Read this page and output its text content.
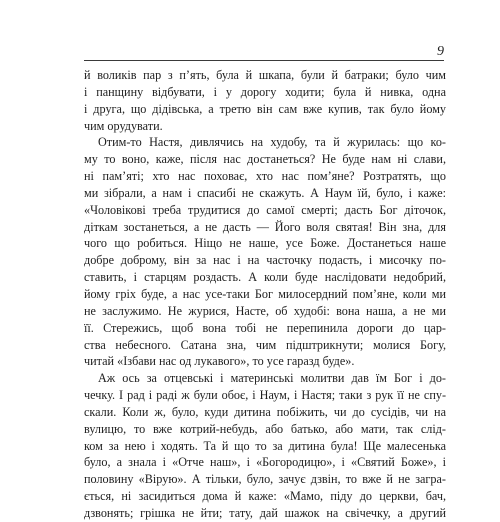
9
й воликів пар з п’ять, була й шкапа, були й батраки; було чим
і панщину відбувати, і у дорогу ходити; була й нивка, одна
і друга, що дідівська, а третю він сам вже купив, так було йому
чим орудувати.
Отим-то Настя, дивлячись на худобу, та й журилась: що ко-
му то воно, каже, після нас достанеться? Не буде нам ні слави,
ні пам’яті; хто нас поховає, хто нас пом’яне? Розтратять, що
ми зібрали, а нам і спасибі не скажуть. А Наум їй, було, і каже:
«Чоловікові треба трудитися до самої смерті; дасть Бог діточок,
діткам зостанеться, а не дасть — Його воля святая! Він зна, для
чого що робиться. Ніщо не наше, усе Боже. Достанеться наше
добре доброму, він за нас і на часточку подасть, і мисочку по-
ставить, і старцям роздасть. А коли буде наслідовати недобрий,
йому гріх буде, а нас усе-таки Бог милосердний пом’яне, коли ми
не заслужимо. Не журися, Насте, об худобі: вона наша, а не ми
її. Стережись, щоб вона тобі не перепинила дороги до цар-
ства небесного. Сатана зна, чим підштрикнути; молися Богу,
читай «Ізбави нас од лукавого», то усе гаразд буде».
Аж ось за отцевські і материнські молитви дав їм Бог і до-
чечку. І рад і раді ж були обоє, і Наум, і Настя; таки з рук її не спу-
скали. Коли ж, було, куди дитина побіжить, чи до сусідів, чи на
вулицю, то вже котрий-небудь, або батько, або мати, так слід-
ком за нею і ходять. Та й що то за дитина була! Ще малесенька
було, а знала і «Отче наш», і «Богородицю», і «Святий Боже», і
половину «Вірую». А тільки, було, зачує дзвін, то вже й не загра-
ється, ні засидиться дома й каже: «Мамо, піду до церкви, бач,
дзвонять; грішка не йти; тату, дай шажок на свічечку, а другий
